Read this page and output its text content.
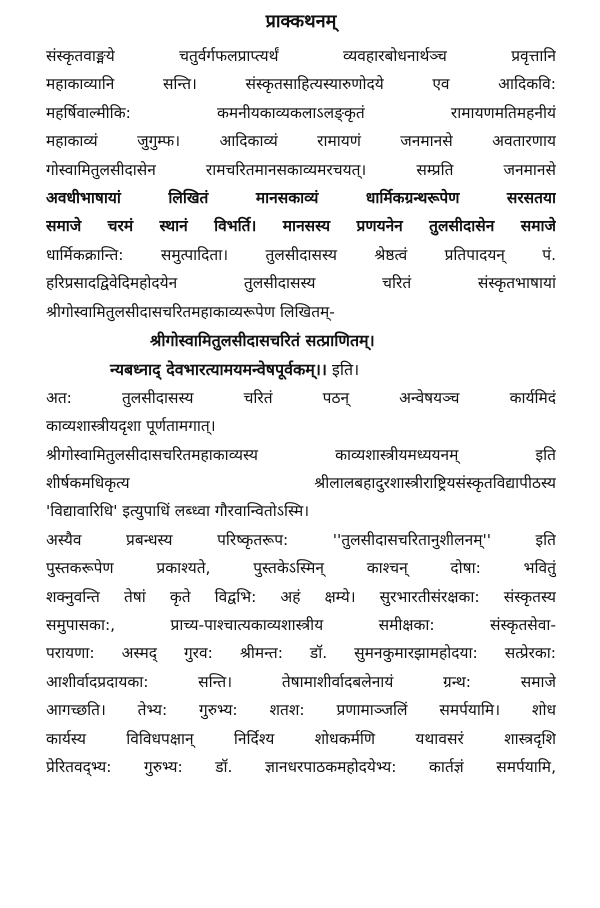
प्राक्कथनम्
संस्कृतवाङ्मये चतुर्वर्गफलप्राप्त्यर्थं व्यवहारबोधनार्थञ्च प्रवृत्तानि
महाकाव्यानि सन्ति। संस्कृतसाहित्यस्यारुणोदये एव आदिकवि:
महर्षिवाल्मीकि: कमनीयकाव्यकलाऽलङ्कृतं रामायणमतिमहनीयं
महाकाव्यं जुगुम्फ। आदिकाव्यं रामायणं जनमानसे अवतारणाय
गोस्वामितुलसीदासेन रामचरितमानसकाव्यमरचयत्। सम्प्रति जनमानसे
अवधीभाषायां लिखितं मानसकाव्यं धार्मिकग्रन्थरूपेण सरसतया
समाजे चरमं स्थानं विभर्ति। मानसस्य प्रणयनेन तुलसीदासेन समाजे
धार्मिकक्रान्ति: समुत्पादिता। तुलसीदासस्य श्रेष्ठत्वं प्रतिपादयन् पं.
हरिप्रसादद्विवेदिमहोदयेन तुलसीदासस्य चरितं संस्कृतभाषायां
श्रीगोस्वामितुलसीदासचरितमहाकाव्यरूपेण लिखितम्-
श्रीगोस्वामितुलसीदासचरितं सत्प्राणितम्।
न्यबध्नाद् देवभारत्यामयमन्वेषपूर्वकम्।। इति।
अत: तुलसीदासस्य चरितं पठन् अन्वेषयञ्च कार्यमिदं
काव्यशास्त्रीयदृशा पूर्णतामगात्।
श्रीगोस्वामितुलसीदासचरितमहाकाव्यस्य काव्यशास्त्रीयमध्ययनम् इति
शीर्षकमधिकृत्य श्रीलालबहादुरशास्त्रीराष्ट्रियसंस्कृतविद्यापीठस्य
'विद्यावारिधि' इत्युपाधिं लब्ध्वा गौरवान्वितोऽस्मि।
अस्यैव प्रबन्धस्य परिष्कृतरूप: ''तुलसीदासचरितानुशीलनम्'' इति
पुस्तकरूपेण प्रकाश्यते, पुस्तकेऽस्मिन् काश्चन् दोषा: भवितुं
शक्नुवन्ति तेषां कृते विद्वभि: अहं क्षम्ये। सुरभारतीसंरक्षका: संस्कृतस्य
समुपासका:, प्राच्य-पाश्चात्यकाव्यशास्त्रीय समीक्षका: संस्कृतसेवा-
परायणा: अस्मद् गुरव: श्रीमन्त: डॉ. सुमनकुमारझामहोदया: सत्प्रेरका:
आशीर्वादप्रदायका: सन्ति। तेषामाशीर्वादबलेनायं ग्रन्थ: समाजे
आगच्छति। तेभ्य: गुरुभ्य: शतश: प्रणामाञ्जलिं समर्पयामि। शोध
कार्यस्य विविधपक्षान् निर्दिश्य शोधकर्मणि यथावसरं शास्त्रदृशि
प्रेरितवद्भ्य: गुरुभ्य: डॉ. ज्ञानधरपाठकमहोदयेभ्य: कार्तज्ञं समर्पयामि,
